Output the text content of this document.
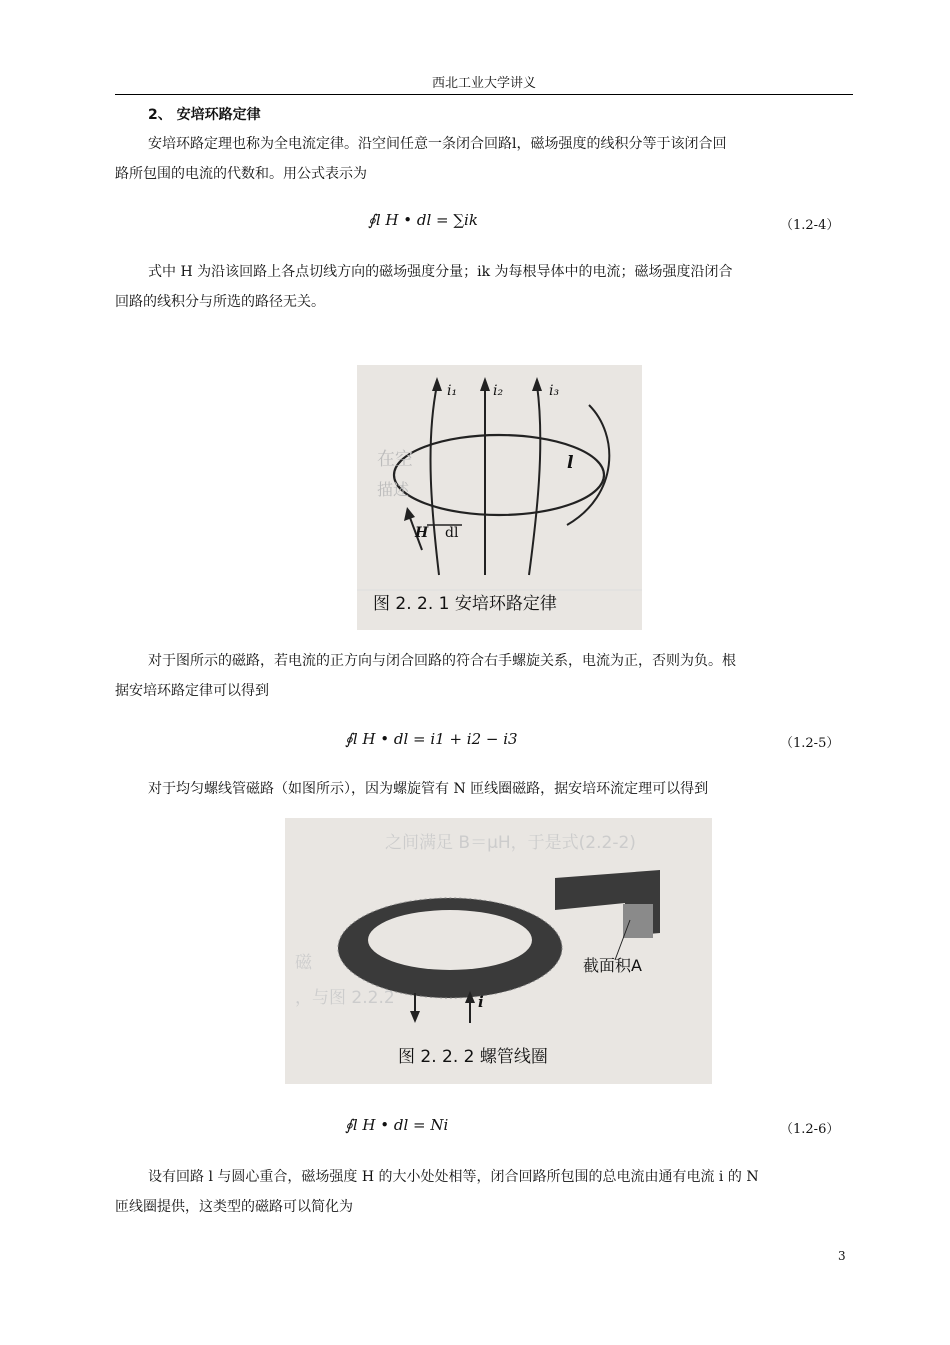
西北工业大学讲义
2、 安培环路定律
安培环路定理也称为全电流定律。沿空间任意一条闭合回路l，磁场强度的线积分等于该闭合回
路所包围的电流的代数和。用公式表示为
∮l H • dl = ∑ik	（1.2-4）
式中 H 为沿该回路上各点切线方向的磁场强度分量；ik 为每根导体中的电流；磁场强度沿闭合
回路的线积分与所选的路径无关。
在空
描述
i₁	i₂	i₃
l
H dl
图 2. 2. 1 安培环路定律
对于图所示的磁路，若电流的正方向与闭合回路的符合右手螺旋关系，电流为正，否则为负。根
据安培环路定律可以得到
∮l H • dl = i1 + i2 − i3	（1.2-5）
对于均匀螺线管磁路（如图所示），因为螺旋管有 N 匝线圈磁路，据安培环流定理可以得到
之间满足 B＝μH，于是式(2.2-2)
磁
，与图 2.2.2
截面积A
i
图 2. 2. 2 螺管线圈
∮l H • dl = Ni	（1.2-6）
设有回路 l 与圆心重合，磁场强度 H 的大小处处相等，闭合回路所包围的总电流由通有电流 i 的 N
匝线圈提供，这类型的磁路可以简化为
3
